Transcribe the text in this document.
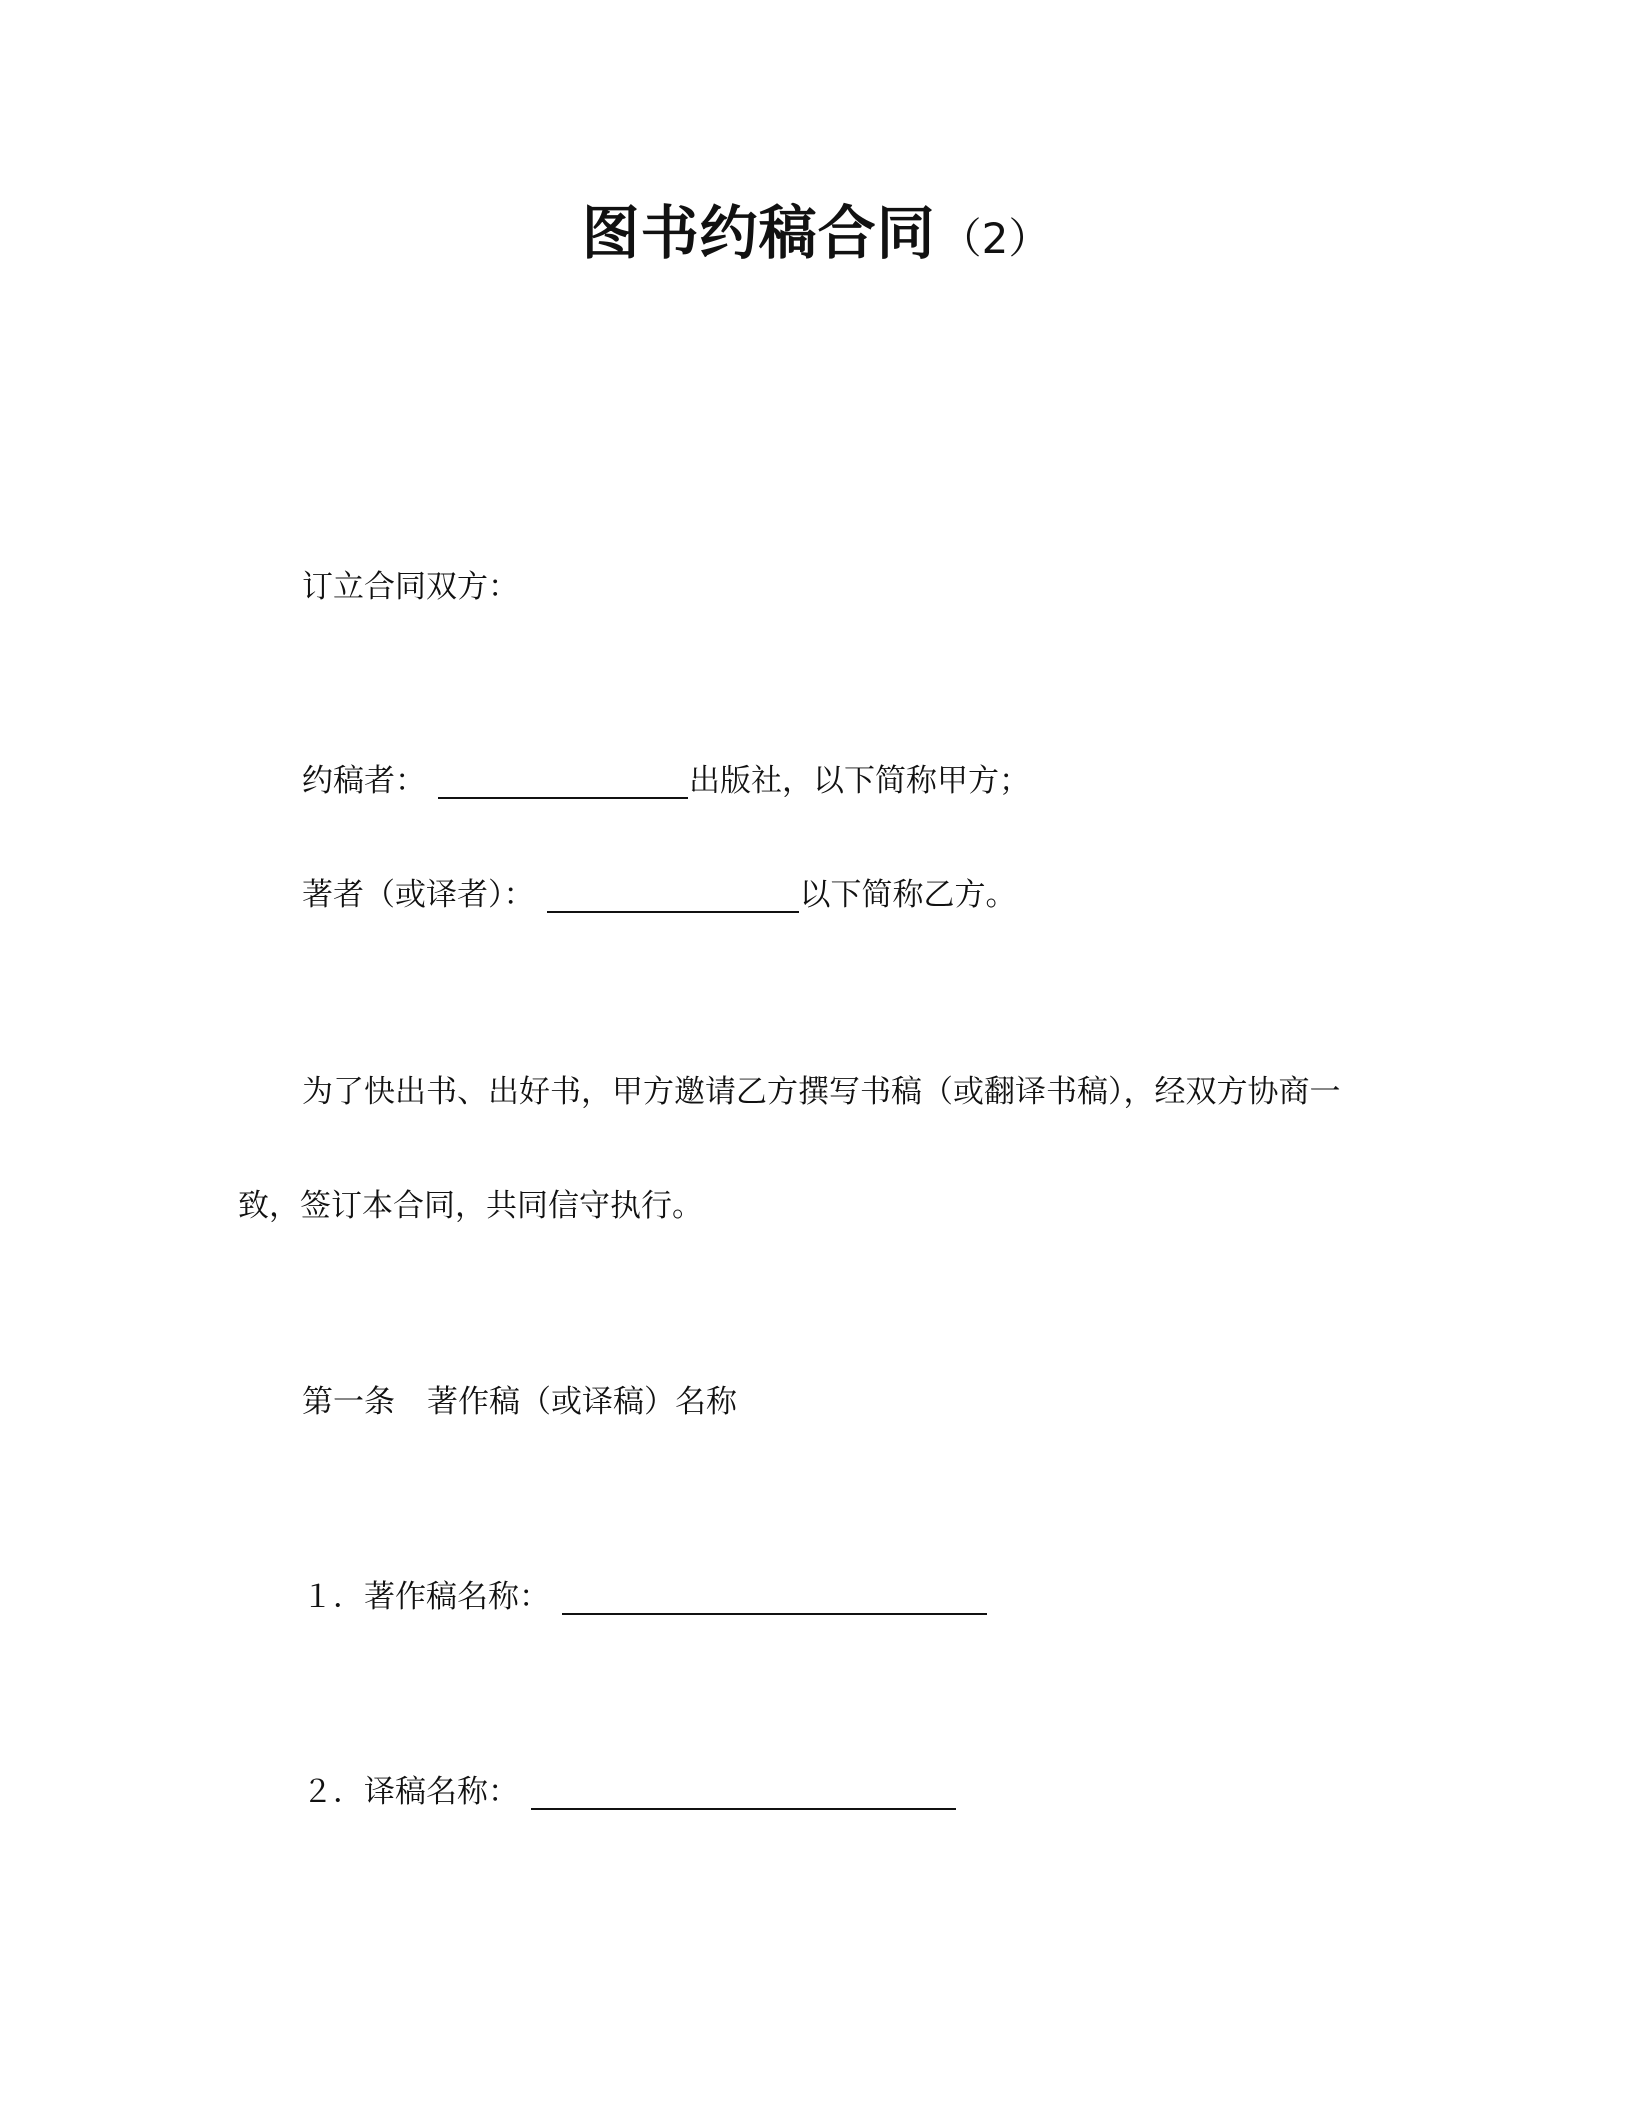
图书约稿合同（2）
订立合同双方：
约稿者：	出版社，以下简称甲方；
著者（或译者）：	以下简称乙方。
为了快出书、出好书，甲方邀请乙方撰写书稿（或翻译书稿），经双方协商一
致，签订本合同，共同信守执行。
第一条 著作稿（或译稿）名称
１． 著作稿名称：
２． 译稿名称：
